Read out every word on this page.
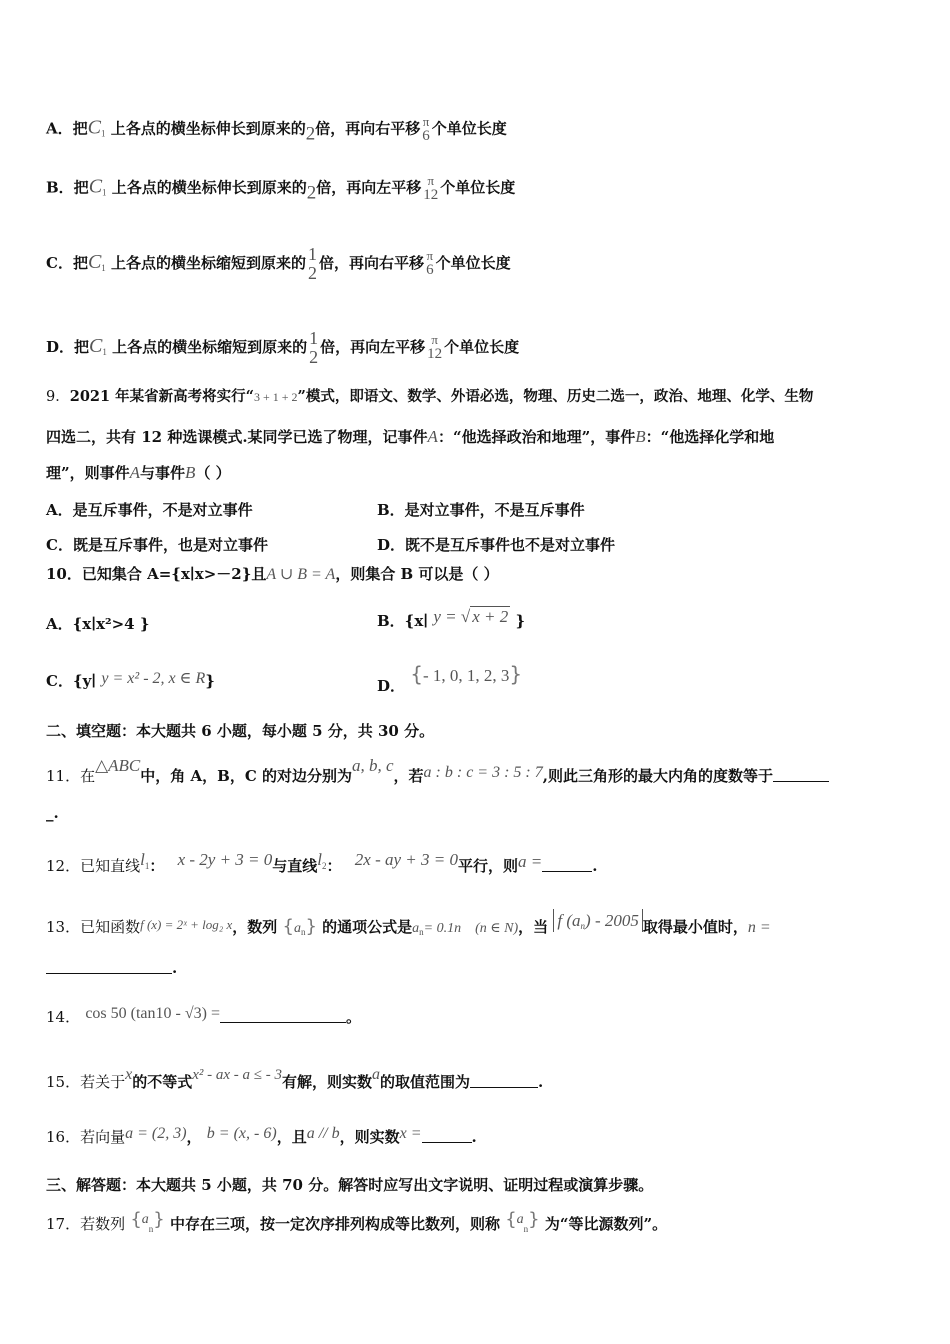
A．把$C_1$ 上各点的横坐标伸长到原来的2倍，再向右平移 π
6 个单位长度
B．把$C_1$ 上各点的横坐标伸长到原来的2倍，再向左平移 π
12 个单位长度
C．把$C_1$ 上各点的横坐标缩短到原来的 1
2 倍，再向右平移 π
6 个单位长度
D．把$C_1$ 上各点的横坐标缩短到原来的 1
2 倍，再向左平移 π
12 个单位长度
9．2021 年某省新高考将实行“3 + 1 + 2”模式，即语文、数学、外语必选，物理、历史二选一，政治、地理、化学、生物
四选二，共有 12 种选课模式.某同学已选了物理，记事件A：“他选择政治和地理”，事件B：“他选择化学和地
理”，则事件A与事件B（ ）
A．是互斥事件，不是对立事件	B．是对立事件，不是互斥事件
C．既是互斥事件，也是对立事件	D．既不是互斥事件也不是对立事件
10．已知集合 A={x∣x>－2}且A ∪ B = A，则集合 B 可以是（ ）
A．{x∣x²>4 }	B．{x∣ y = √ x + 2 }
C．{y∣ y = x² - 2, x ∈ R}	D． {- 1, 0, 1, 2, 3}
二、填空题：本大题共 6 小题，每小题 5 分，共 30 分。
11．在△ABC中，角 A，B，C 的对边分别为a, b, c，若a : b : c = 3 : 5 : 7,则此三角形的最大内角的度数等于
_.
12．已知直线$l^1$： x - 2y + 3 = 0与直线$l^2$： 2x - ay + 3 = 0平行，则a =	.
13．已知函数f (x) = 2ˣ + log₂ x，数列 $\{a_n\}$ 的通项公式是$a_n= 0.1n$    (n ∈ N)，当 f $(a_n) - 2005$ 取得最小值时，n =
.
14． cos 50 (tan10 - √3) =	。
15．若关于x的不等式x² - ax - a ≤ - 3有解，则实数a的取值范围为	.
16．若向量a = (2, 3)， b = (x, - 6)，且a // b，则实数x =	.
三、解答题：本大题共 5 小题，共 70 分。解答时应写出文字说明、证明过程或演算步骤。
17．若数列 $\{a_n\}$ 中存在三项，按一定次序排列构成等比数列，则称 $\{a_n\}$ 为“等比源数列”。
